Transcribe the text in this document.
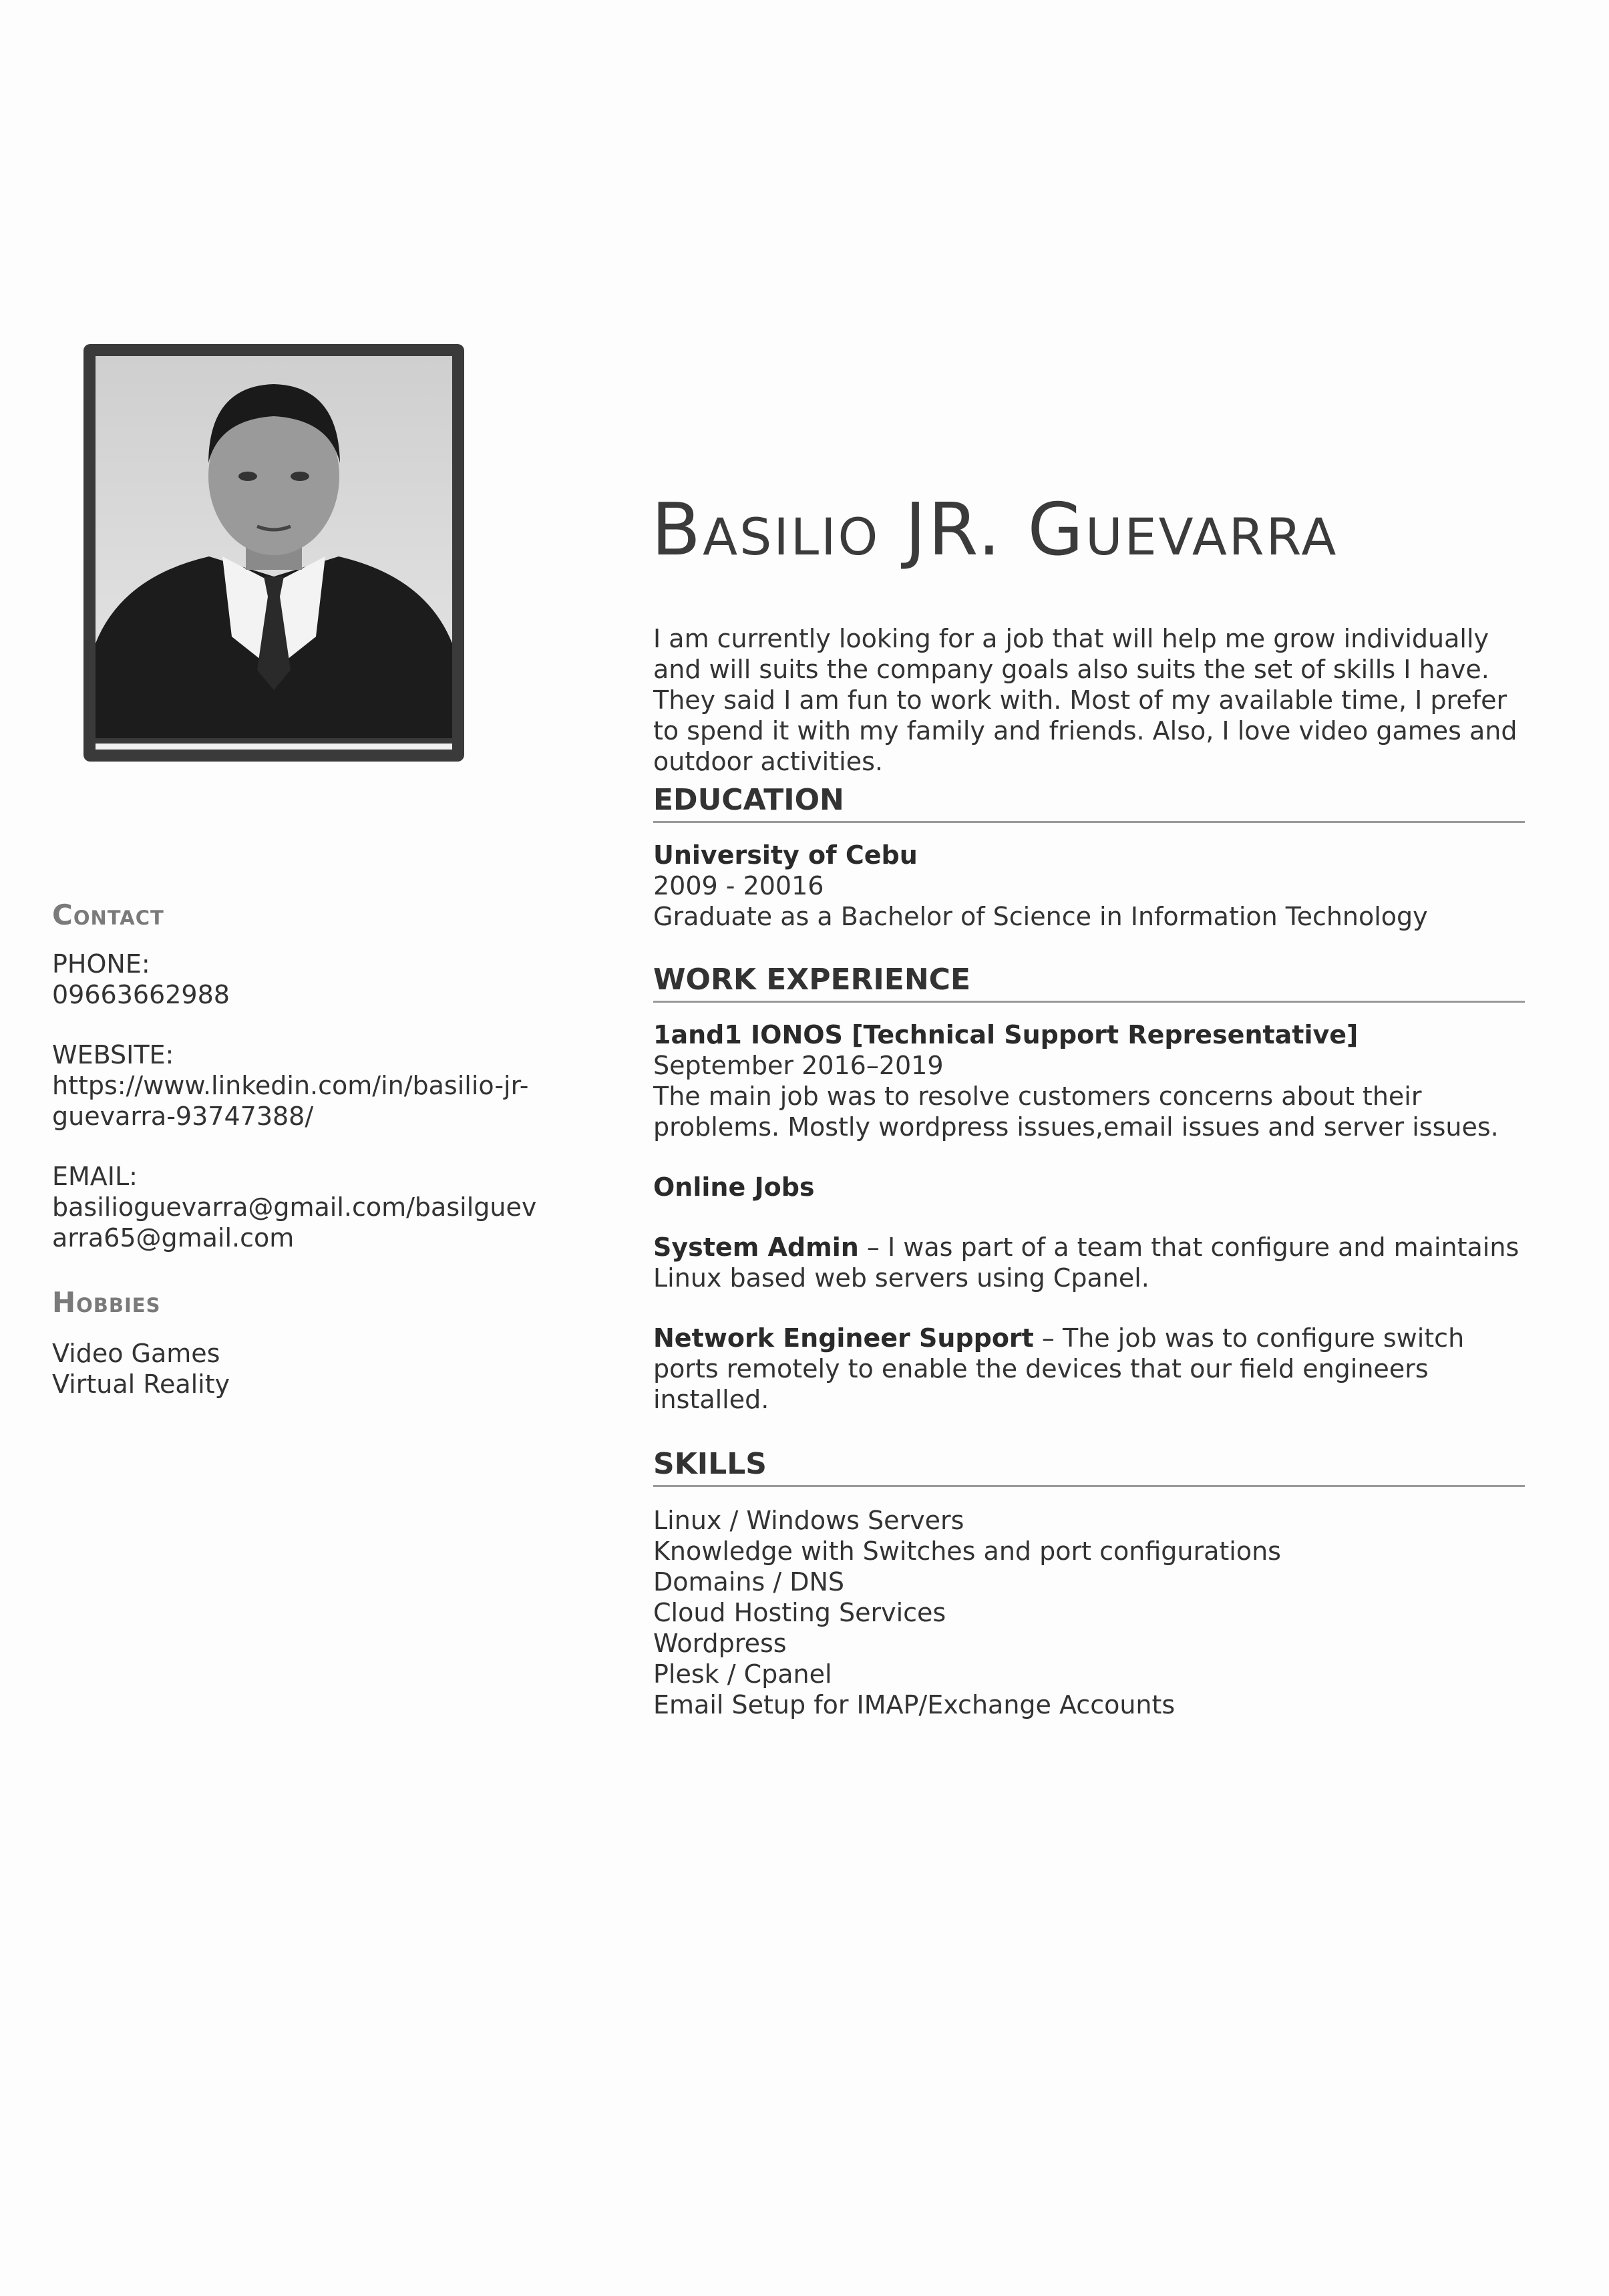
Basilio JR. Guevarra

I am currently looking for a job that will help me grow individually and will suits the company goals also suits the set of skills I have. They said I am fun to work with. Most of my available time, I prefer to spend it with my family and friends. Also, I love video games and outdoor activities.

EDUCATION

University of Cebu

2009 - 20016

Graduate as a Bachelor of Science in Information Technology

WORK EXPERIENCE

1and1 IONOS [Technical Support Representative]

September 2016–2019

The main job was to resolve customers concerns about their problems. Mostly wordpress issues,email issues and server issues.

Online Jobs

System Admin – I was part of a team that configure and maintains Linux based web servers using Cpanel.

Network Engineer Support – The job was to configure switch ports remotely to enable the devices that our field engineers installed.

SKILLS
Linux / Windows Servers
Knowledge with Switches and port configurations
Domains / DNS
Cloud Hosting Services
Wordpress
Plesk / Cpanel
Email Setup for IMAP/Exchange Accounts
Contact

PHONE:

09663662988

WEBSITE:

https://www.linkedin.com/in/basilio-jr-

guevarra-93747388/

EMAIL:

basilioguevarra@gmail.com/basilguev

arra65@gmail.com

Hobbies

Video Games

Virtual Reality
